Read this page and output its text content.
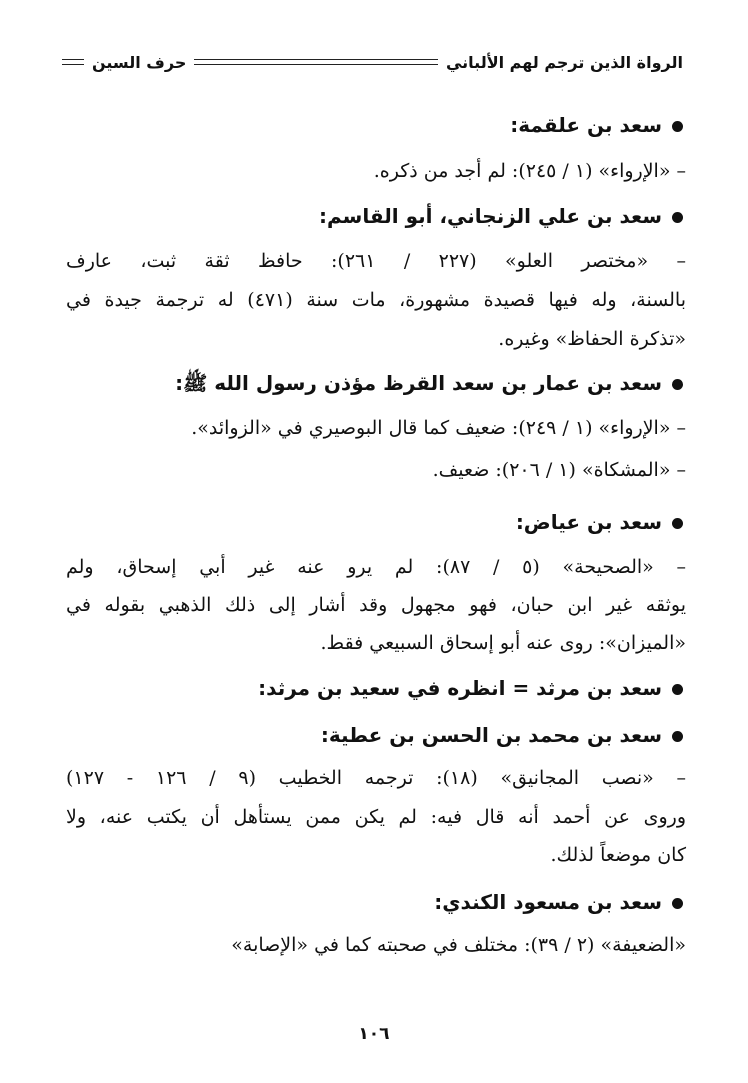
الرواة الذين ترجم لهم الألباني
حرف السين
سعد بن علقمة:
– «الإرواء» (١ / ٢٤٥): لم أجد من ذكره.
سعد بن علي الزنجاني، أبو القاسم:
– «مختصر العلو» (٢٢٧ / ٢٦١): حافظ ثقة ثبت، عارف
بالسنة، وله فيها قصيدة مشهورة، مات سنة (٤٧١) له ترجمة جيدة في
«تذكرة الحفاظ» وغيره.
سعد بن عمار بن سعد القرظ مؤذن رسول الله ﷺ:
– «الإرواء» (١ / ٢٤٩): ضعيف كما قال البوصيري في «الزوائد».
– «المشكاة» (١ / ٢٠٦): ضعيف.
سعد بن عياض:
– «الصحيحة» (٥ / ٨٧): لم يرو عنه غير أبي إسحاق، ولم
يوثقه غير ابن حبان، فهو مجهول وقد أشار إلى ذلك الذهبي بقوله في
«الميزان»: روى عنه أبو إسحاق السبيعي فقط.
سعد بن مرثد = انظره في سعيد بن مرثد:
سعد بن محمد بن الحسن بن عطية:
– «نصب المجانيق» (١٨): ترجمه الخطيب (٩ / ١٢٦ - ١٢٧)
وروى عن أحمد أنه قال فيه: لم يكن ممن يستأهل أن يكتب عنه، ولا
كان موضعاً لذلك.
سعد بن مسعود الكندي:
«الضعيفة» (٢ / ٣٩): مختلف في صحبته كما في «الإصابة»
١٠٦
